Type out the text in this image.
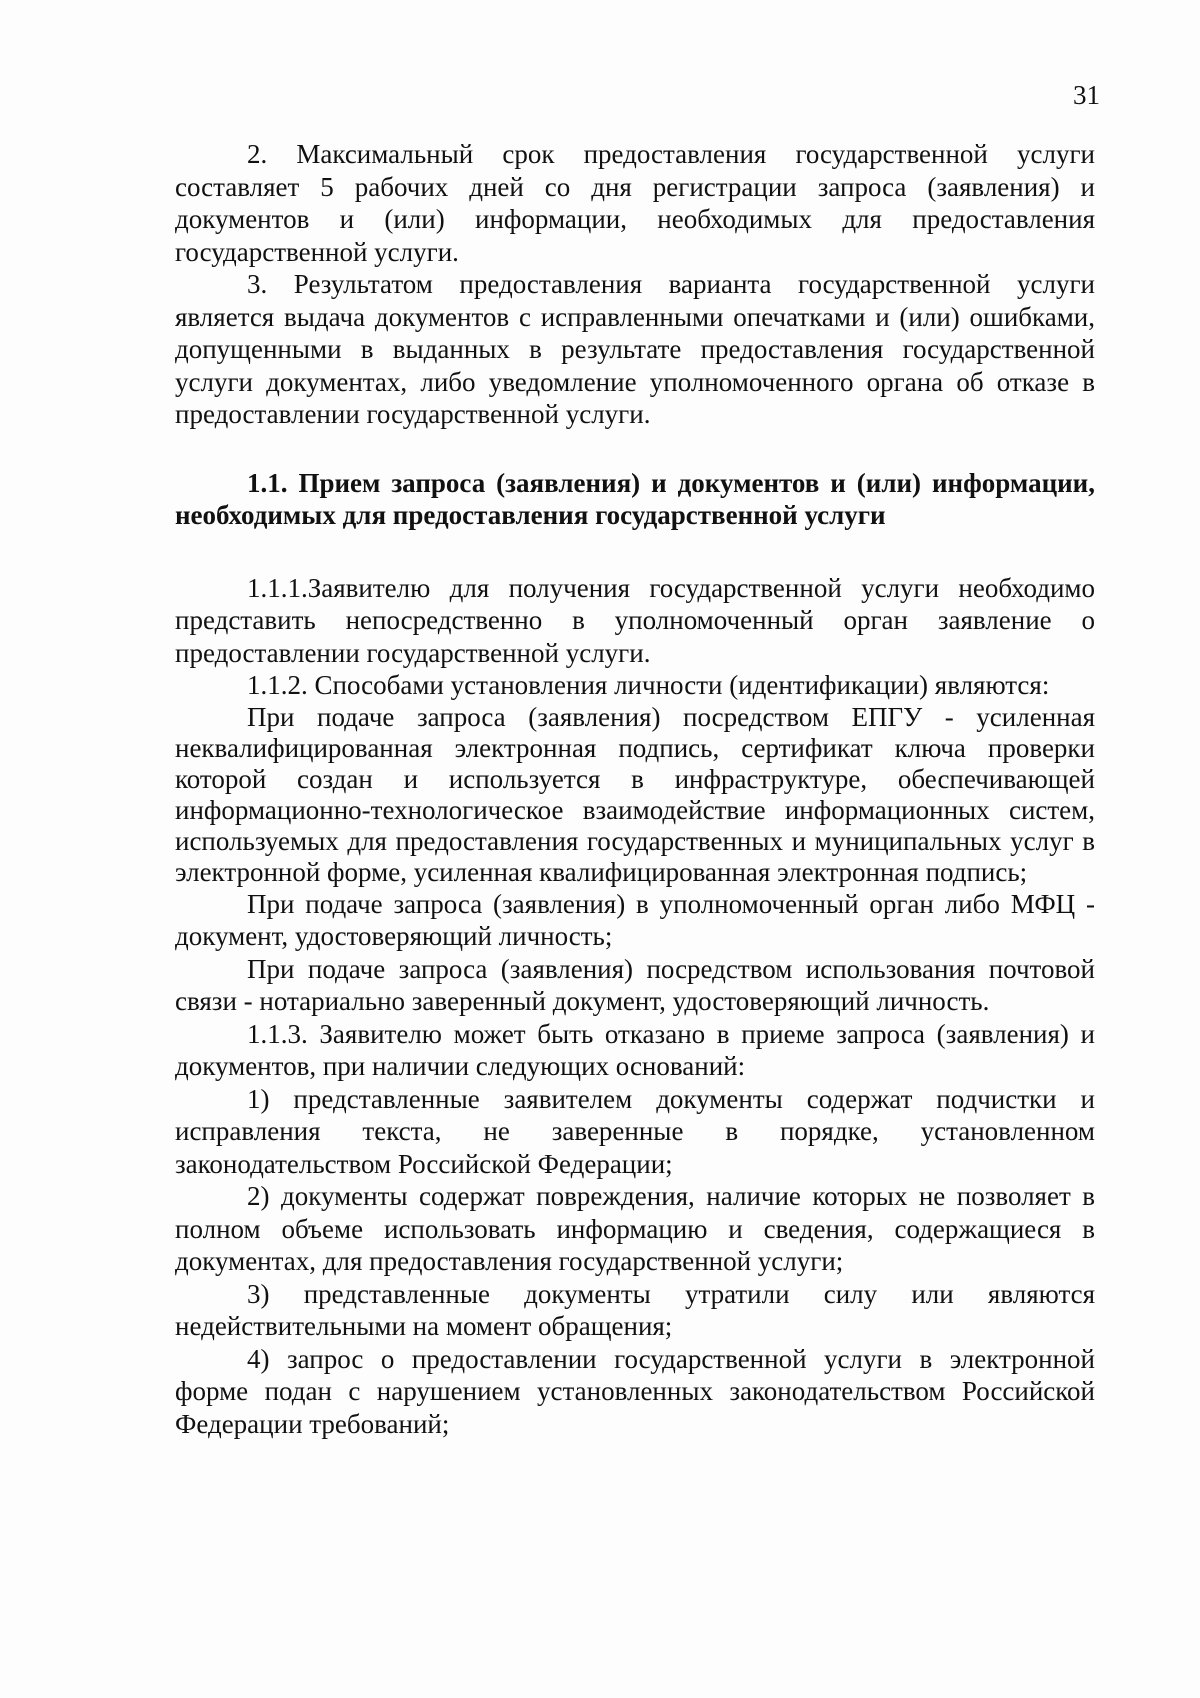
31

2. Максимальный срок предоставления государственной услуги составляет 5 рабочих дней со дня регистрации запроса (заявления) и документов и (или) информации, необходимых для предоставления государственной услуги.

3. Результатом предоставления варианта государственной услуги является выдача документов с исправленными опечатками и (или) ошибками, допущенными в выданных в результате предоставления государственной услуги документах, либо уведомление уполномоченного органа об отказе в предоставлении государственной услуги.

1.1. Прием запроса (заявления) и документов и (или) информации, необходимых для предоставления государственной услуги

1.1.1.Заявителю для получения государственной услуги необходимо представить непосредственно в уполномоченный орган заявление о предоставлении государственной услуги.

1.1.2. Способами установления личности (идентификации) являются:

При подаче запроса (заявления) посредством ЕПГУ - усиленная неквалифицированная электронная подпись, сертификат ключа проверки которой создан и используется в инфраструктуре, обеспечивающей информационно-технологическое взаимодействие информационных систем, используемых для предоставления государственных и муниципальных услуг в электронной форме, усиленная квалифицированная электронная подпись;

При подаче запроса (заявления) в уполномоченный орган либо МФЦ - документ, удостоверяющий личность;

При подаче запроса (заявления) посредством использования почтовой связи - нотариально заверенный документ, удостоверяющий личность.

1.1.3. Заявителю может быть отказано в приеме запроса (заявления) и документов, при наличии следующих оснований:

1) представленные заявителем документы содержат подчистки и исправления текста, не заверенные в порядке, установленном законодательством Российской Федерации;

2) документы содержат повреждения, наличие которых не позволяет в полном объеме использовать информацию и сведения, содержащиеся в документах, для предоставления государственной услуги;

3) представленные документы утратили силу или являются недействительными на момент обращения;

4) запрос о предоставлении государственной услуги в электронной форме подан с нарушением установленных законодательством Российской Федерации требований;
